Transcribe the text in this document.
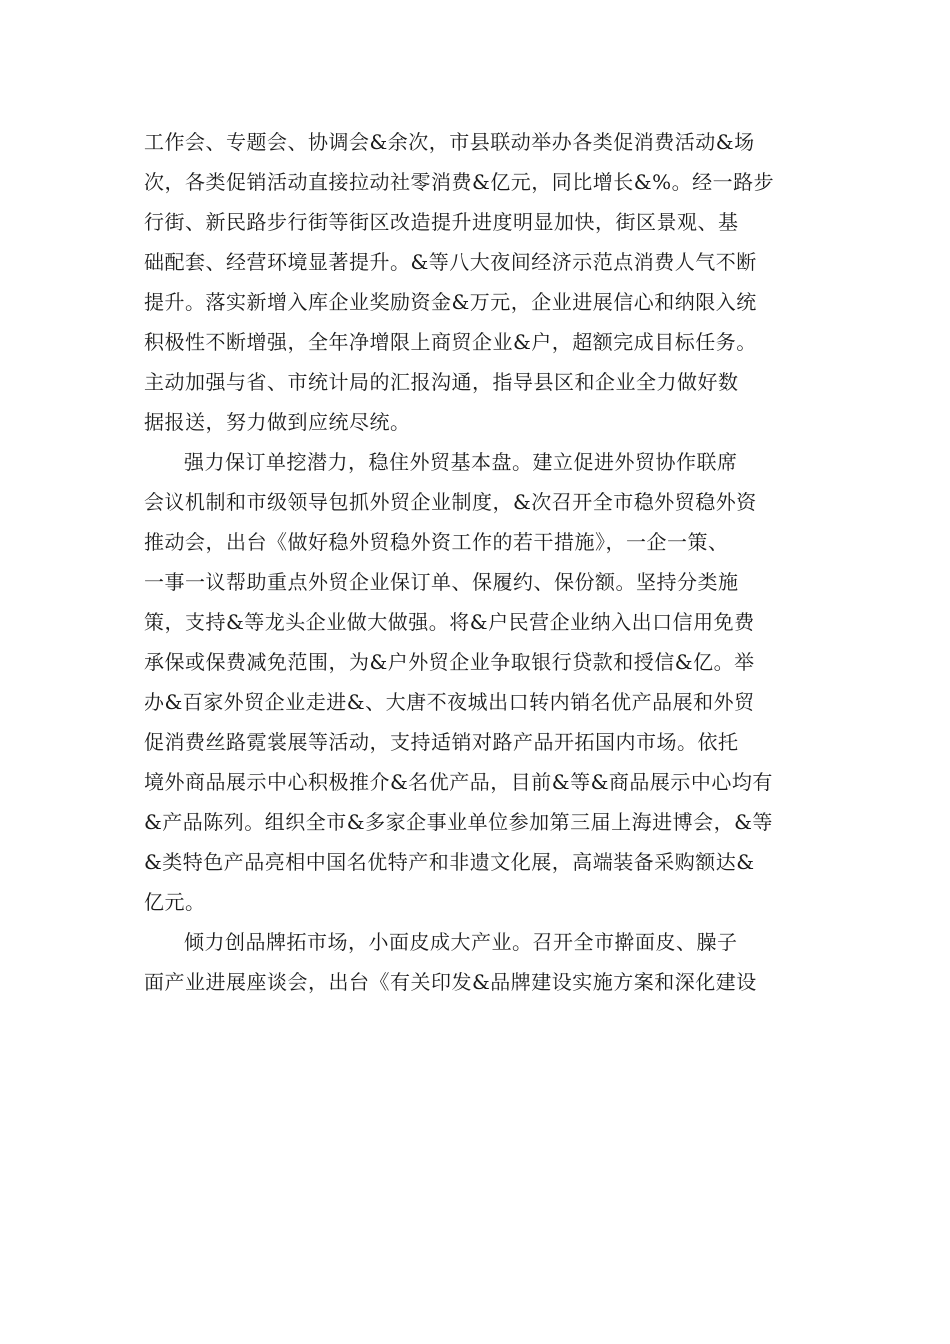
工作会、专题会、协调会&余次，市县联动举办各类促消费活动&场
次，各类促销活动直接拉动社零消费&亿元，同比增长&%。经一路步
行街、新民路步行街等街区改造提升进度明显加快，街区景观、基
础配套、经营环境显著提升。&等八大夜间经济示范点消费人气不断
提升。落实新增入库企业奖励资金&万元，企业进展信心和纳限入统
积极性不断增强，全年净增限上商贸企业&户，超额完成目标任务。
主动加强与省、市统计局的汇报沟通，指导县区和企业全力做好数
据报送，努力做到应统尽统。
强力保订单挖潜力，稳住外贸基本盘。建立促进外贸协作联席
会议机制和市级领导包抓外贸企业制度，&次召开全市稳外贸稳外资
推动会，出台《做好稳外贸稳外资工作的若干措施》，一企一策、
一事一议帮助重点外贸企业保订单、保履约、保份额。坚持分类施
策，支持&等龙头企业做大做强。将&户民营企业纳入出口信用免费
承保或保费减免范围，为&户外贸企业争取银行贷款和授信&亿。举
办&百家外贸企业走进&、大唐不夜城出口转内销名优产品展和外贸
促消费丝路霓裳展等活动，支持适销对路产品开拓国内市场。依托
境外商品展示中心积极推介&名优产品，目前&等&商品展示中心均有
&产品陈列。组织全市&多家企事业单位参加第三届上海进博会，&等
&类特色产品亮相中国名优特产和非遗文化展，高端装备采购额达&
亿元。
倾力创品牌拓市场，小面皮成大产业。召开全市擀面皮、臊子
面产业进展座谈会，出台《有关印发&品牌建设实施方案和深化建设
